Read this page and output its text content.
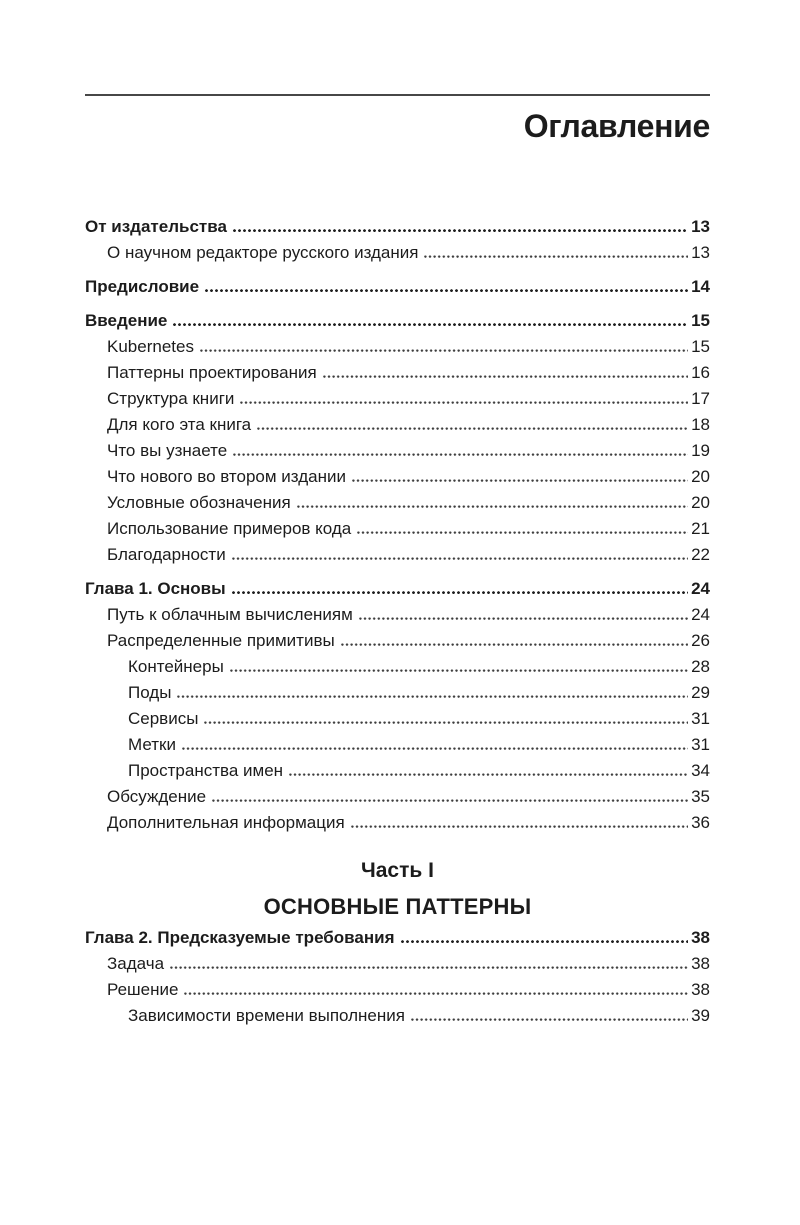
Оглавление
От издательства	13
О научном редакторе русского издания	13
Предисловие	14
Введение	15
Kubernetes	15
Паттерны проектирования	16
Структура книги	17
Для кого эта книга	18
Что вы узнаете	19
Что нового во втором издании	20
Условные обозначения	20
Использование примеров кода	21
Благодарности	22
Глава 1. Основы	24
Путь к облачным вычислениям	24
Распределенные примитивы	26
Контейнеры	28
Поды	29
Сервисы	31
Метки	31
Пространства имен	34
Обсуждение	35
Дополнительная информация	36
Часть I
ОСНОВНЫЕ ПАТТЕРНЫ
Глава 2. Предсказуемые требования	38
Задача	38
Решение	38
Зависимости времени выполнения	39
